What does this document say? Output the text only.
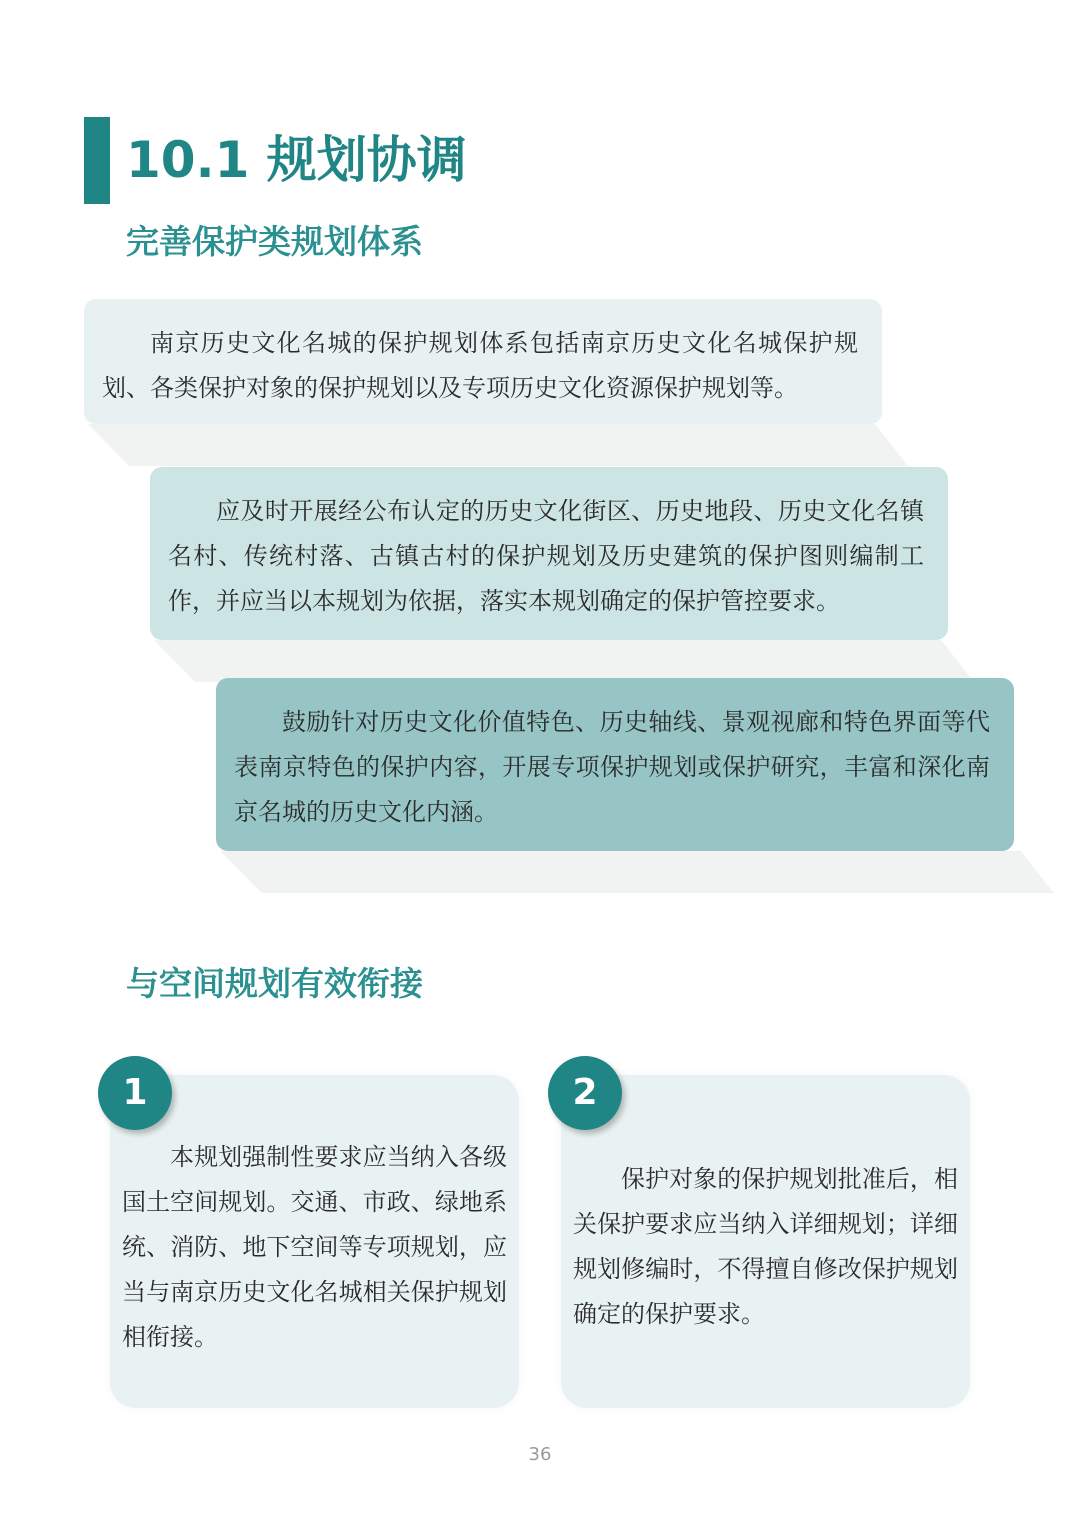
10.1 规划协调
完善保护类规划体系

南京历史文化名城的保护规划体系包括南京历史文化名城保护规划、各类保护对象的保护规划以及专项历史文化资源保护规划等。

应及时开展经公布认定的历史文化街区、历史地段、历史文化名镇名村、传统村落、古镇古村的保护规划及历史建筑的保护图则编制工作，并应当以本规划为依据，落实本规划确定的保护管控要求。

鼓励针对历史文化价值特色、历史轴线、景观视廊和特色界面等代表南京特色的保护内容，开展专项保护规划或保护研究，丰富和深化南京名城的历史文化内涵。

与空间规划有效衔接

本规划强制性要求应当纳入各级国土空间规划。交通、市政、绿地系统、消防、地下空间等专项规划，应当与南京历史文化名城相关保护规划相衔接。

1

保护对象的保护规划批准后，相关保护要求应当纳入详细规划；详细规划修编时，不得擅自修改保护规划确定的保护要求。

2
36
